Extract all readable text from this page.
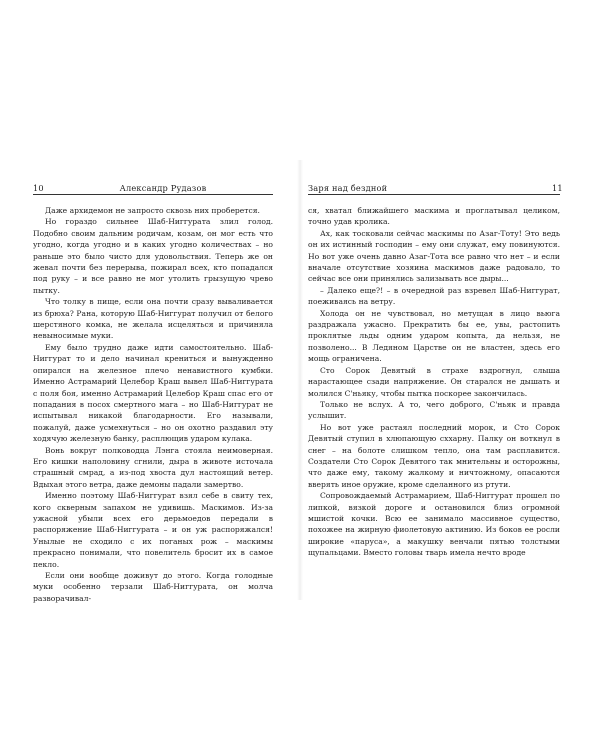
10	Александр Рудазов

Даже архидемон не запросто сквозь них проберется.

Но гораздо сильнее Шаб-Ниггурата злил голод. Подобно своим дальним родичам, козам, он мог есть что угодно, когда угодно и в каких угодно количествах – но раньше это было чисто для удовольствия. Теперь же он жевал почти без перерыва, пожирал всех, кто попадался под руку – и все равно не мог утолить грызущую чрево пытку.

Что толку в пище, если она почти сразу вываливается из брюха? Рана, которую Шаб-Ниггурат получил от белого шерстяного комка, не желала исцеляться и причиняла невыносимые муки.

Ему было трудно даже идти самостоятельно. Шаб-Ниггурат то и дело начинал крениться и вынужденно опирался на железное плечо ненавистного кумбки. Именно Астрамарий Целебор Краш вывел Шаб-Ниггурата с поля боя, именно Астрамарий Целебор Краш спас его от попадания в посох смертного мага – но Шаб-Ниггурат не испытывал никакой благодарности. Его называли, пожалуй, даже усмехнуться – но он охотно раздавил эту ходячую железную банку, расплющив ударом кулака.

Вонь вокруг полководца Лэнга стояла неимоверная. Его кишки наполовину сгнили, дыра в животе источала страшный смрад, а из-под хвоста дул настоящий ветер. Вдыхая этого ветра, даже демоны падали замертво.

Именно поэтому Шаб-Ниггурат взял себе в свиту тех, кого скверным запахом не удивишь. Маскимов. Из-за ужасной убыли всех его дерьмоедов передали в распоряжение Шаб-Ниггурата – и он уж распоряжался! Унылые не сходило с их поганых рож – маскимы прекрасно понимали, что повелитель бросит их в самое пекло.

Если они вообще доживут до этого. Когда голодные муки особенно терзали Шаб-Ниггурата, он молча разворачивал-

Заря над бездной	11

ся, хватал ближайшего маскима и проглатывал целиком, точно удав кролика.

Ах, как тосковали сейчас маскимы по Азаг-Тоту! Это ведь он их истинный господин – ему они служат, ему повинуются. Но вот уже очень давно Азаг-Тота все равно что нет – и если вначале отсутствие хозяина маскимов даже радовало, то сейчас все они принялись зализывать все дыры...

– Далеко еще?! – в очередной раз взревел Шаб-Ниггурат, поеживаясь на ветру.

Холода он не чувствовал, но метущая в лицо вьюга раздражала ужасно. Прекратить бы ее, увы, растопить проклятые льды одним ударом копыта, да нельзя, не позволено... В Ледяном Царстве он не властен, здесь его мощь ограничена.

Сто Сорок Девятый в страхе вздрогнул, слыша нарастающее сзади напряжение. Он старался не дышать и молился С'ньяку, чтобы пытка поскорее закончилась.

Только не вслух. А то, чего доброго, С'ньяк и правда услышит.

Но вот уже растаял последний морок, и Сто Сорок Девятый ступил в хлюпающую сххарну. Палку он воткнул в снег – на болоте слишком тепло, она там расплавится. Создатели Сто Сорок Девятого так мнительны и осторожны, что даже ему, такому жалкому и ничтожному, опасаются вверять иное оружие, кроме сделанного из ртути.

Сопровождаемый Астрамарием, Шаб-Ниггурат прошел по липкой, вязкой дороге и остановился близ огромной мшистой кочки. Всю ее занимало массивное существо, похожее на жирную фиолетовую актинию. Из боков ее росли широкие «паруса», а макушку венчали пятью толстыми щупальцами. Вместо головы тварь имела нечто вроде
